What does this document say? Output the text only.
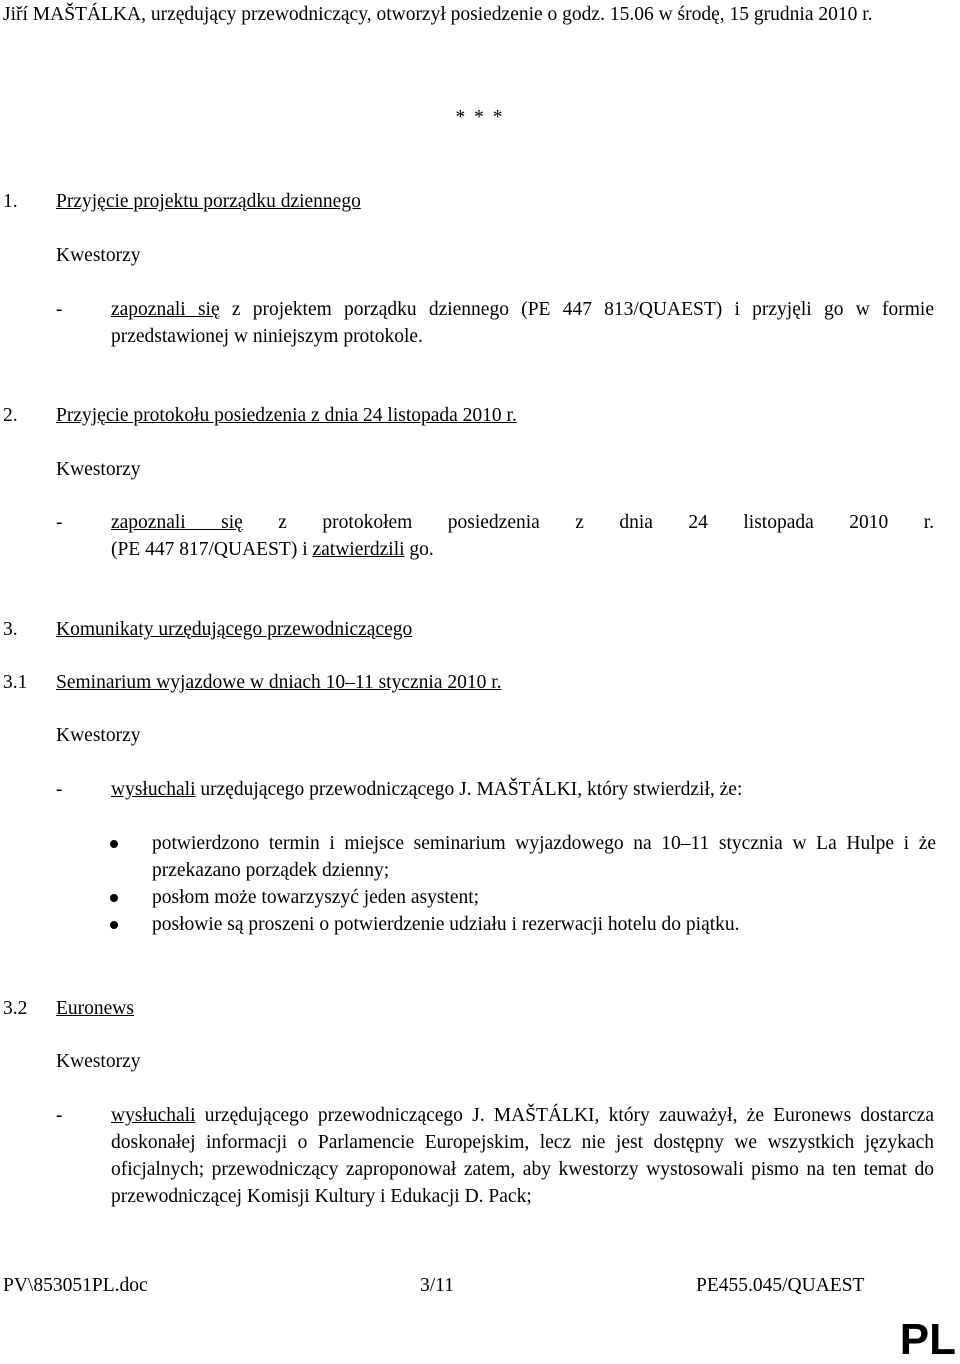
Jiří MAŠTÁLKA, urzędujący przewodniczący, otworzył posiedzenie o godz. 15.06 w środę, 15 grudnia 2010 r.

* * *

1. Przyjęcie projektu porządku dziennego

Kwestorzy

- zapoznali się z projektem porządku dziennego (PE 447 813/QUAEST) i przyjęli go w formie przedstawionej w niniejszym protokole.

2. Przyjęcie protokołu posiedzenia z dnia 24 listopada 2010 r.

Kwestorzy

- zapoznali się z protokołem posiedzenia z dnia 24 listopada 2010 r.

(PE 447 817/QUAEST) i zatwierdzili go.

3. Komunikaty urzędującego przewodniczącego
3.1 Seminarium wyjazdowe w dniach 10–11 stycznia 2010 r.

Kwestorzy

- wysłuchali urzędującego przewodniczącego J. MAŠTÁLKI, który stwierdził, że:

potwierdzono termin i miejsce seminarium wyjazdowego na 10–11 stycznia w La Hulpe i że przekazano porządek dzienny;
posłom może towarzyszyć jeden asystent;
posłowie są proszeni o potwierdzenie udziału i rezerwacji hotelu do piątku.
3.2 Euronews

Kwestorzy

- wysłuchali urzędującego przewodniczącego J. MAŠTÁLKI, który zauważył, że Euronews dostarcza doskonałej informacji o Parlamencie Europejskim, lecz nie jest dostępny we wszystkich językach oficjalnych; przewodniczący zaproponował zatem, aby kwestorzy wystosowali pismo na ten temat do przewodniczącej Komisji Kultury i Edukacji D. Pack;

PV\853051PL.doc	3/11	PE455.045/QUAEST
PL
